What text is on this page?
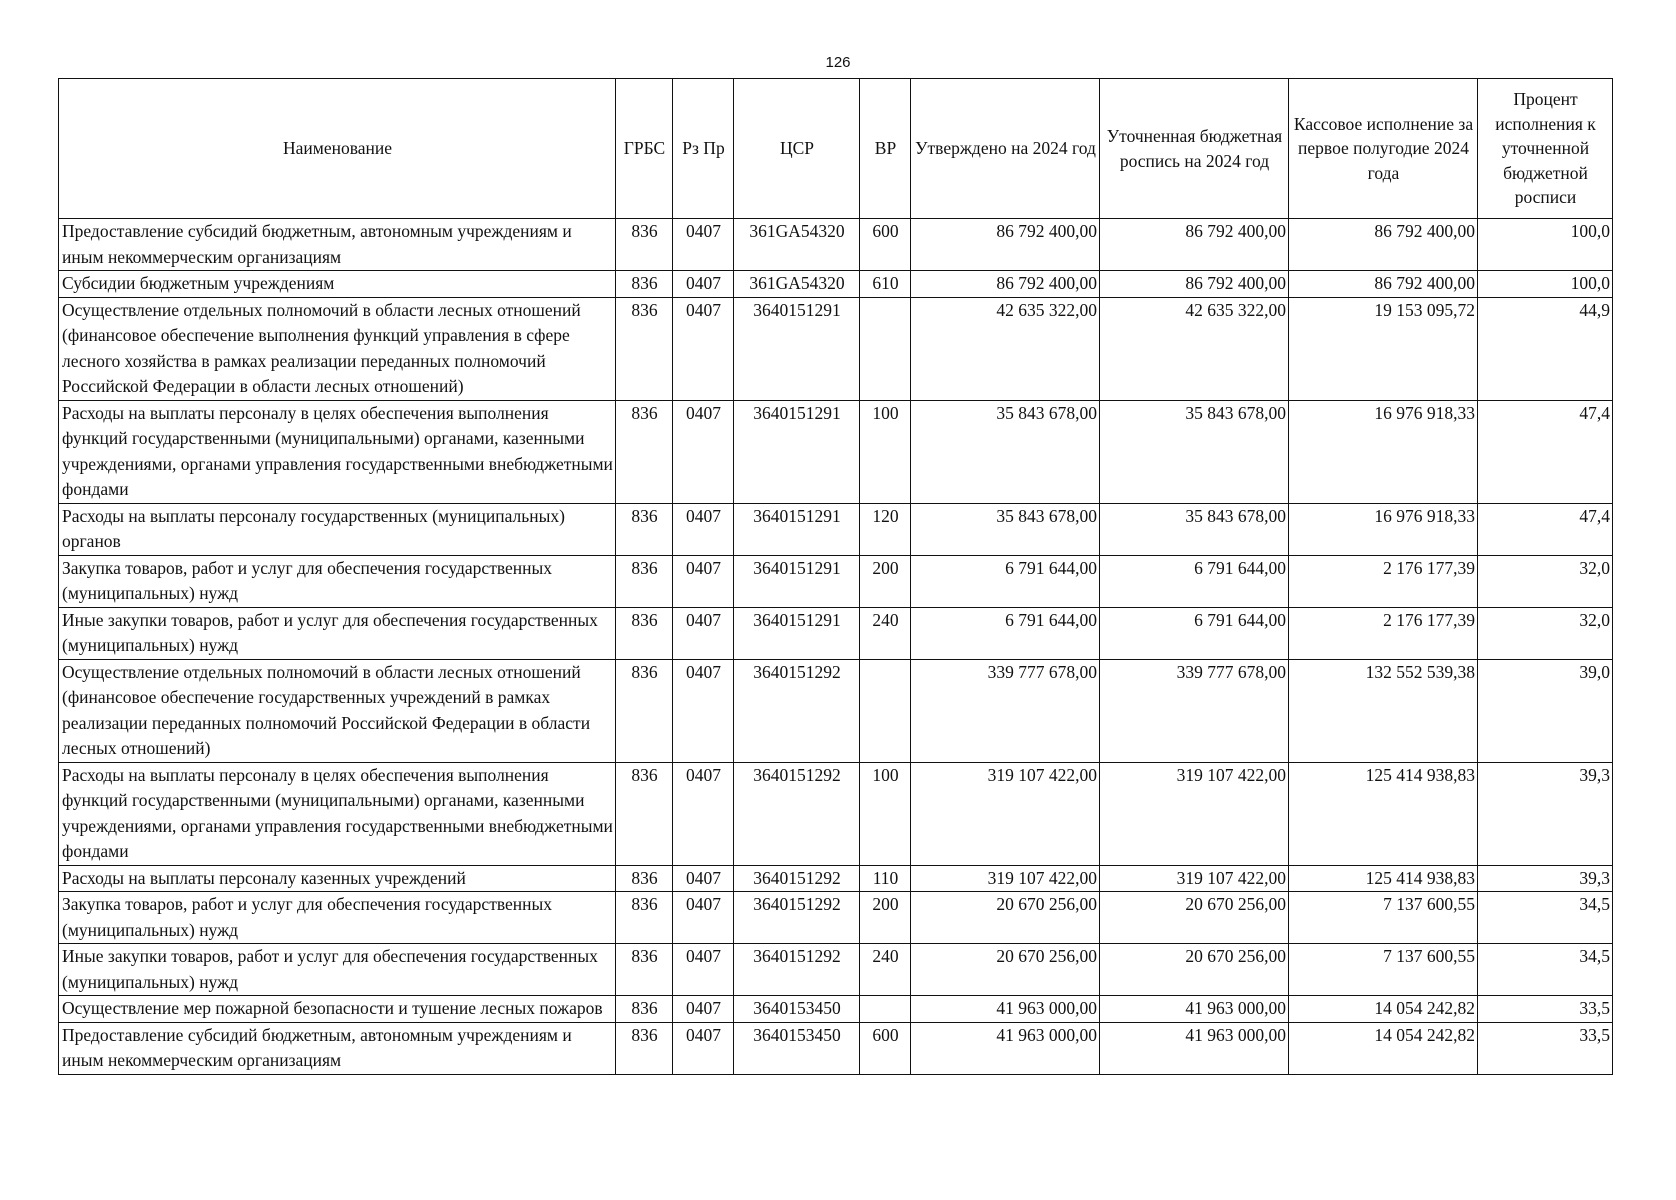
126
Наименование	ГРБС	Рз Пр	ЦСР	ВР	Утверждено на 2024 год	Уточненная бюджетная роспись на 2024 год	Кассовое исполнение за первое полугодие 2024 года	Процент исполнения к уточненной бюджетной росписи
Предоставление субсидий бюджетным, автономным учреждениям и иным некоммерческим организациям	836	0407	361GA54320	600	86 792 400,00	86 792 400,00	86 792 400,00	100,0
Субсидии бюджетным учреждениям	836	0407	361GA54320	610	86 792 400,00	86 792 400,00	86 792 400,00	100,0
Осуществление отдельных полномочий в области лесных отношений (финансовое обеспечение выполнения функций управления в сфере лесного хозяйства в рамках реализации переданных полномочий Российской Федерации в области лесных отношений)	836	0407	3640151291		42 635 322,00	42 635 322,00	19 153 095,72	44,9
Расходы на выплаты персоналу в целях обеспечения выполнения функций государственными (муниципальными) органами, казенными учреждениями, органами управления государственными внебюджетными фондами	836	0407	3640151291	100	35 843 678,00	35 843 678,00	16 976 918,33	47,4
Расходы на выплаты персоналу государственных (муниципальных) органов	836	0407	3640151291	120	35 843 678,00	35 843 678,00	16 976 918,33	47,4
Закупка товаров, работ и услуг для обеспечения государственных (муниципальных) нужд	836	0407	3640151291	200	6 791 644,00	6 791 644,00	2 176 177,39	32,0
Иные закупки товаров, работ и услуг для обеспечения государственных (муниципальных) нужд	836	0407	3640151291	240	6 791 644,00	6 791 644,00	2 176 177,39	32,0
Осуществление отдельных полномочий в области лесных отношений (финансовое обеспечение государственных учреждений в рамках реализации переданных полномочий Российской Федерации в области лесных отношений)	836	0407	3640151292		339 777 678,00	339 777 678,00	132 552 539,38	39,0
Расходы на выплаты персоналу в целях обеспечения выполнения функций государственными (муниципальными) органами, казенными учреждениями, органами управления государственными внебюджетными фондами	836	0407	3640151292	100	319 107 422,00	319 107 422,00	125 414 938,83	39,3
Расходы на выплаты персоналу казенных учреждений	836	0407	3640151292	110	319 107 422,00	319 107 422,00	125 414 938,83	39,3
Закупка товаров, работ и услуг для обеспечения государственных (муниципальных) нужд	836	0407	3640151292	200	20 670 256,00	20 670 256,00	7 137 600,55	34,5
Иные закупки товаров, работ и услуг для обеспечения государственных (муниципальных) нужд	836	0407	3640151292	240	20 670 256,00	20 670 256,00	7 137 600,55	34,5
Осуществление мер пожарной безопасности и тушение лесных пожаров	836	0407	3640153450		41 963 000,00	41 963 000,00	14 054 242,82	33,5
Предоставление субсидий бюджетным, автономным учреждениям и иным некоммерческим организациям	836	0407	3640153450	600	41 963 000,00	41 963 000,00	14 054 242,82	33,5
